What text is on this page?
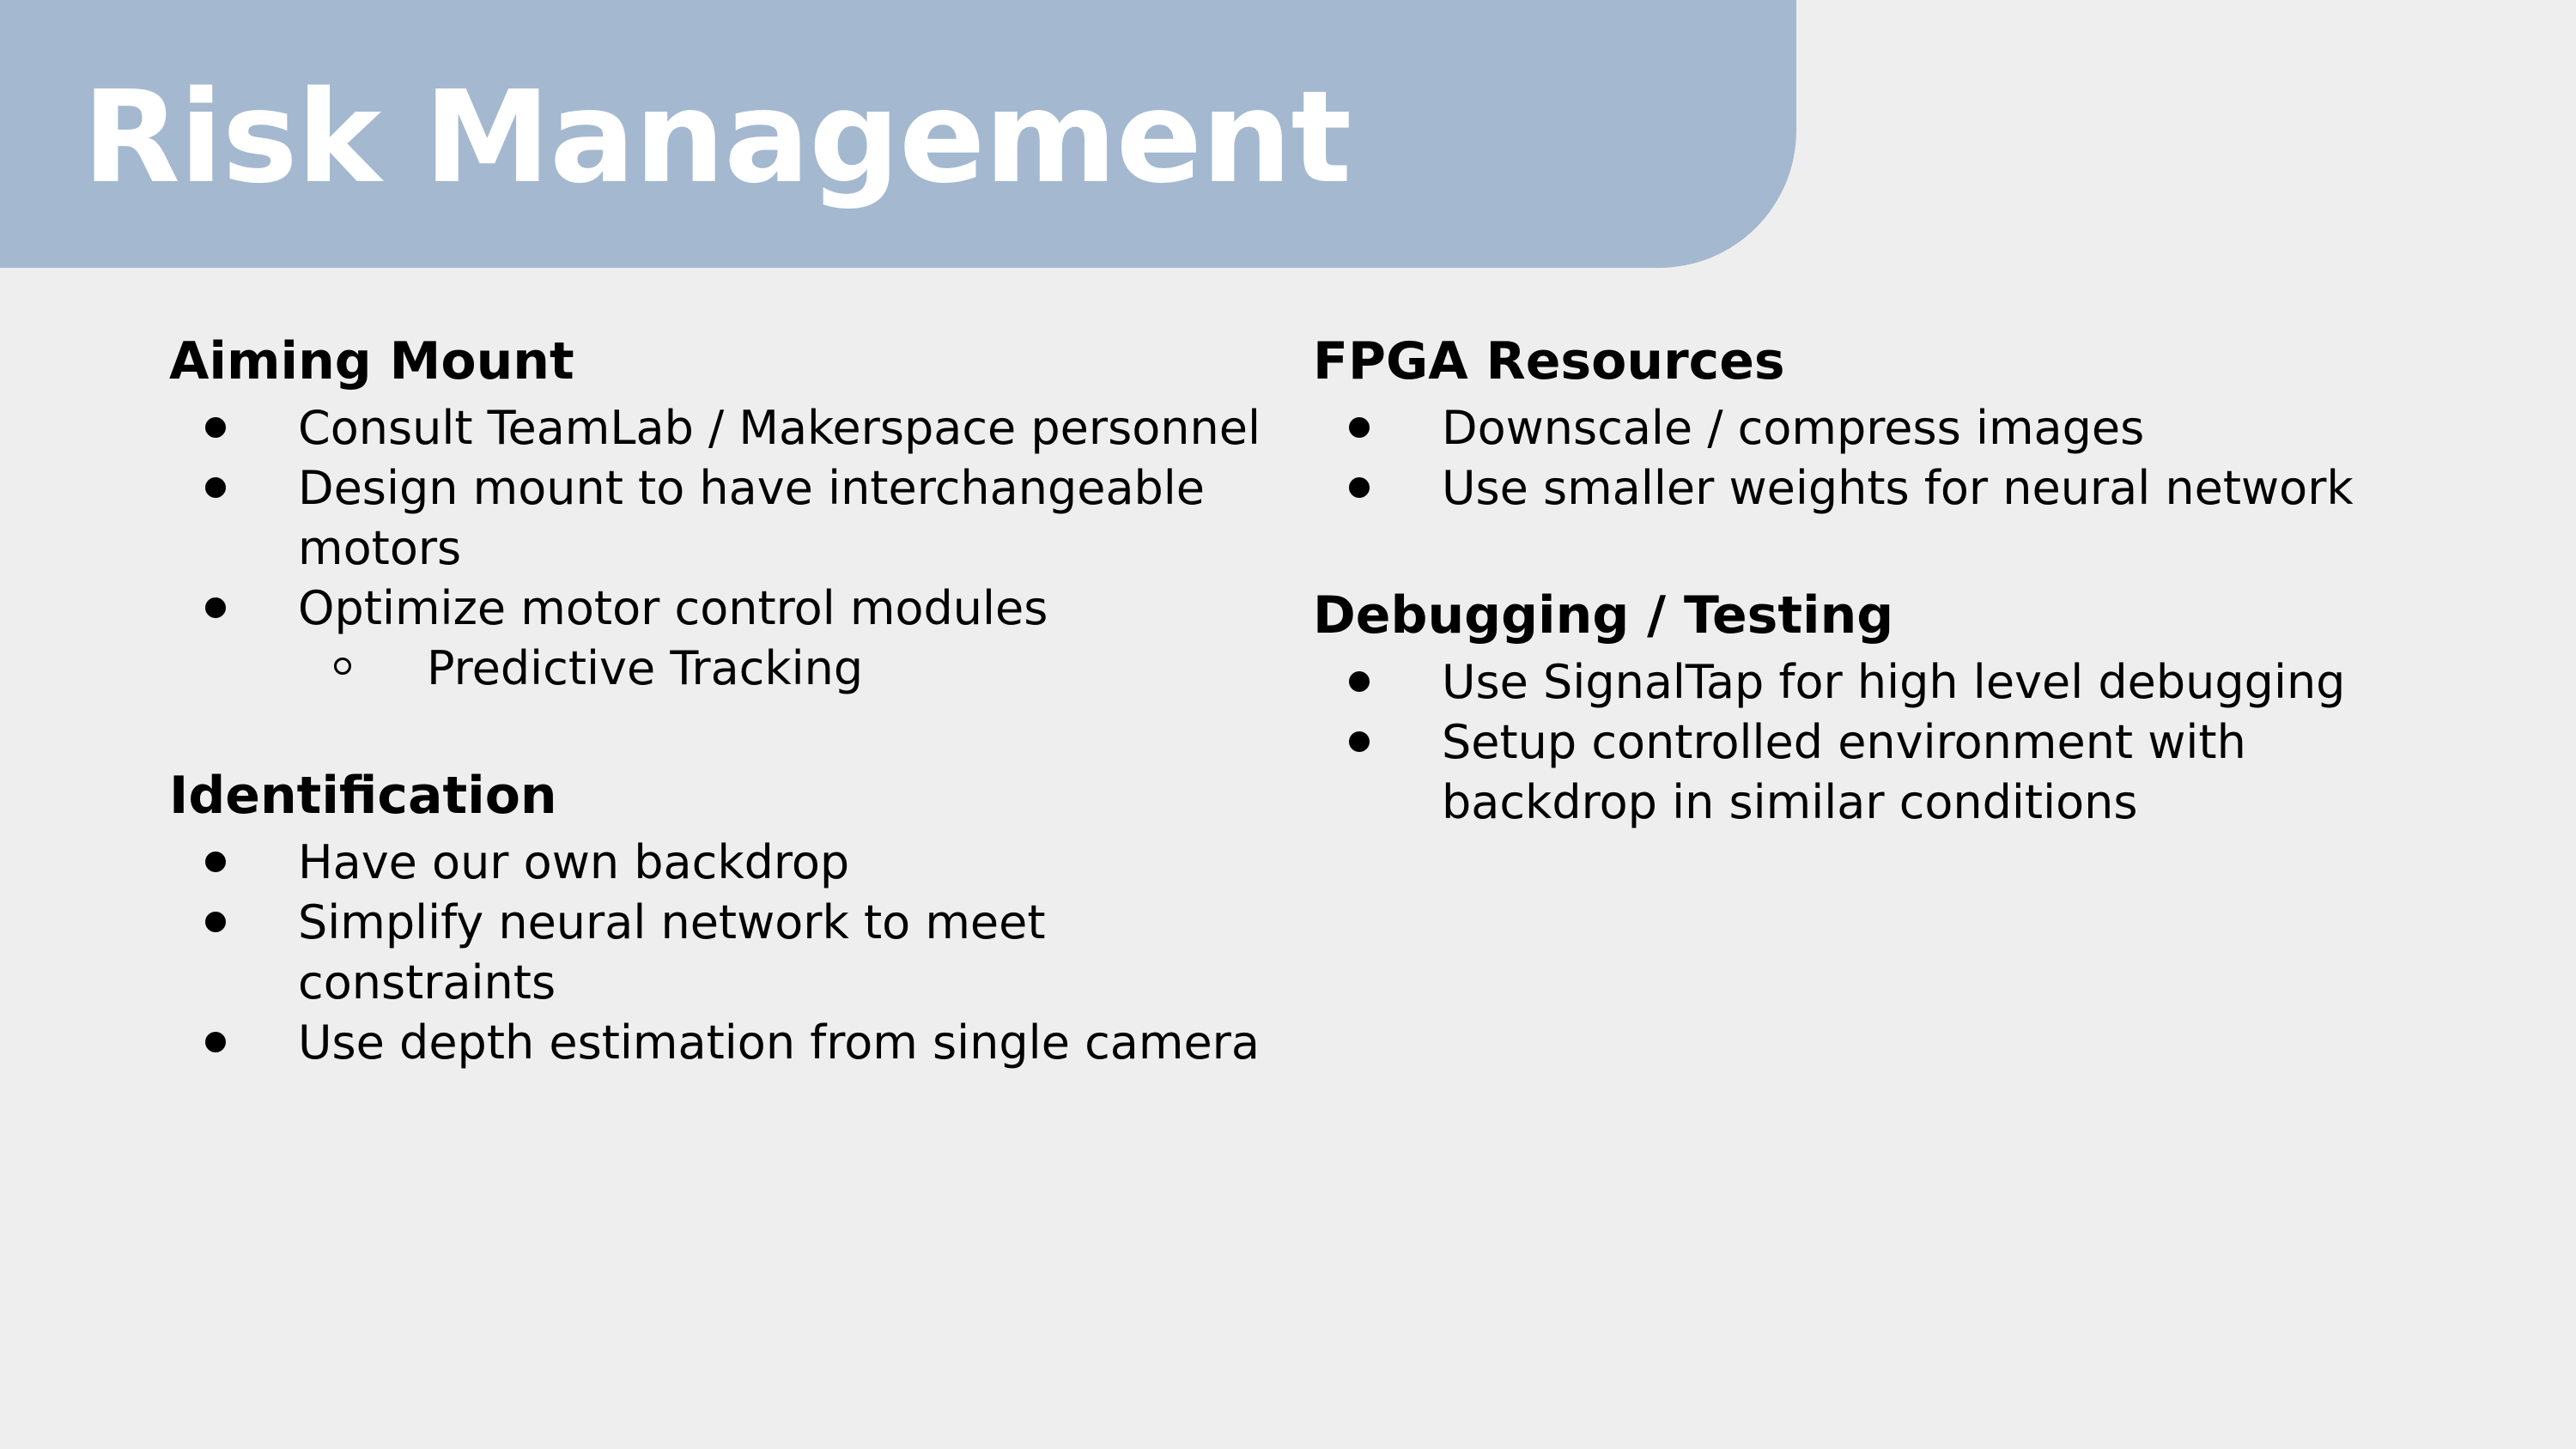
Risk Management
Aiming Mount
Consult TeamLab / Makerspace personnel
Design mount to have interchangeable motors
Optimize motor control modules
Predictive Tracking
Identification
Have our own backdrop
Simplify neural network to meet constraints
Use depth estimation from single camera
FPGA Resources
Downscale / compress images
Use smaller weights for neural network
Debugging / Testing
Use SignalTap for high level debugging
Setup controlled environment with backdrop in similar conditions
